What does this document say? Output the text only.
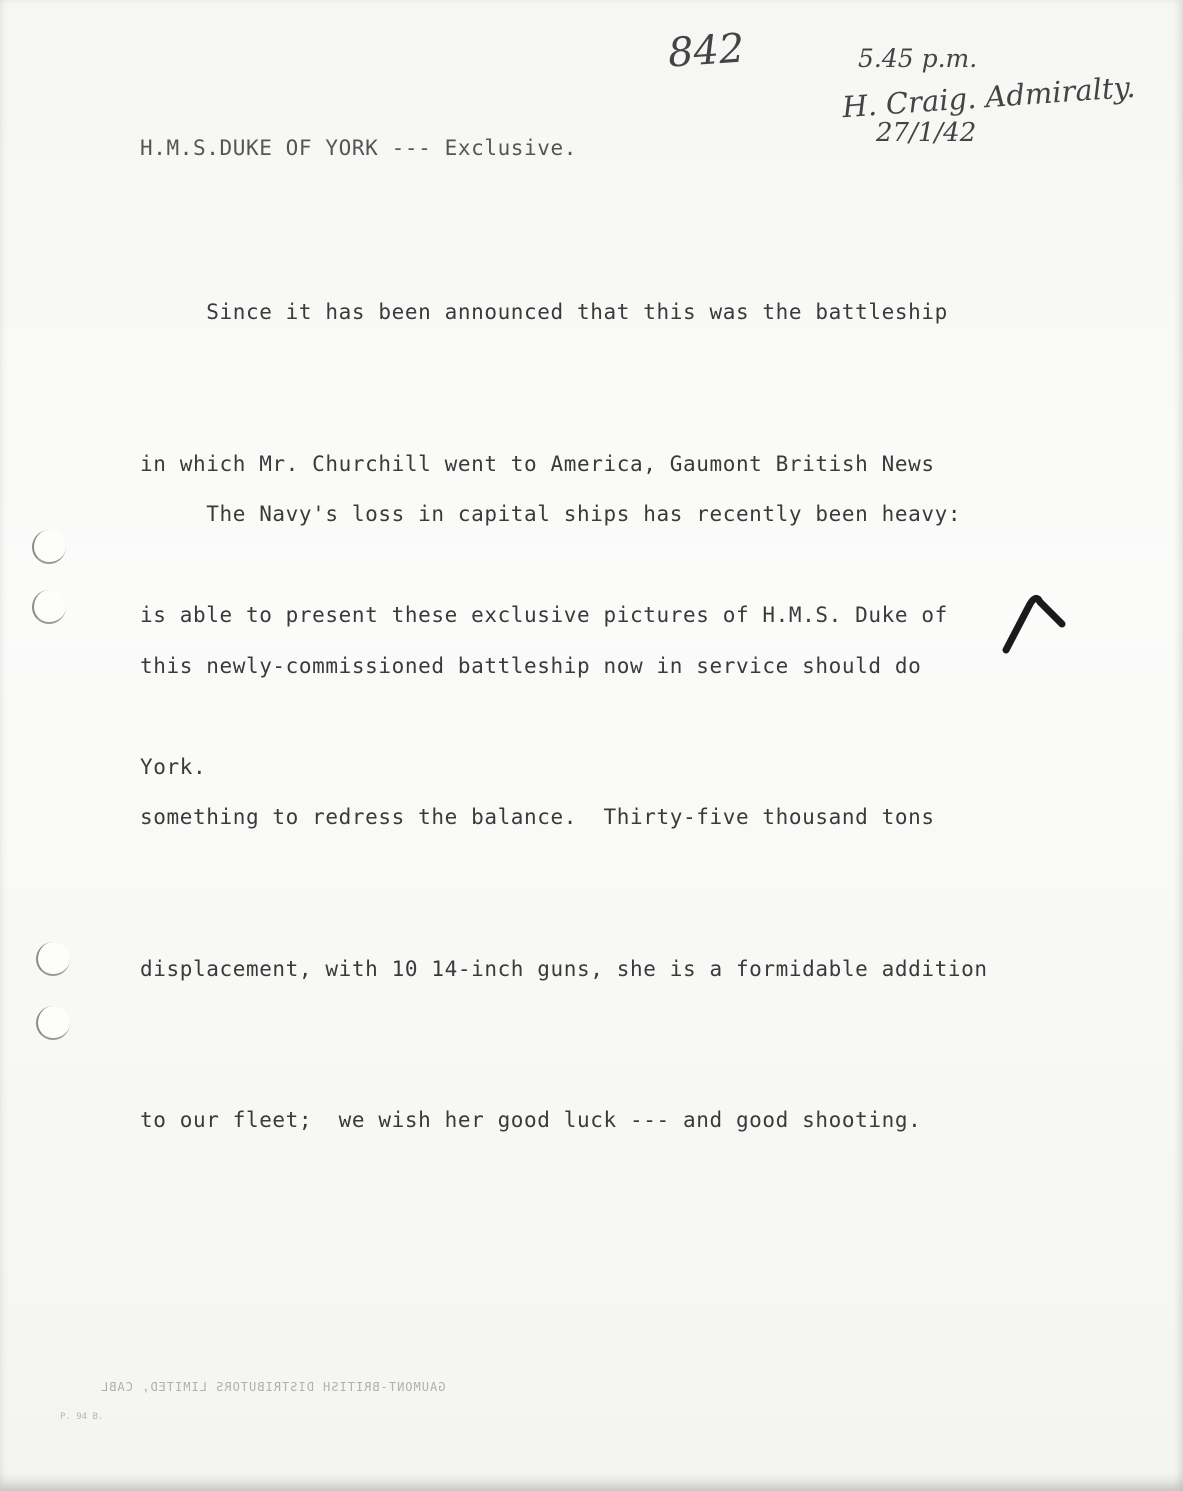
842	5.45 p.m.
H. Craig. Admiralty.
27/1/42

H.M.S.DUKE OF YORK --- Exclusive.

Since it has been announced that this was the battleship

in which Mr. Churchill went to America, Gaumont British News

is able to present these exclusive pictures of H.M.S. Duke of

York.

The Navy's loss in capital ships has recently been heavy:

this newly-commissioned battleship now in service should do

something to redress the balance.  Thirty-five thousand tons

displacement, with 10 14-inch guns, she is a formidable addition

to our fleet;  we wish her good luck --- and good shooting.

GAUMONT-BRITISH DISTRIBUTORS LIMITED, CABL
P. 94 B.
